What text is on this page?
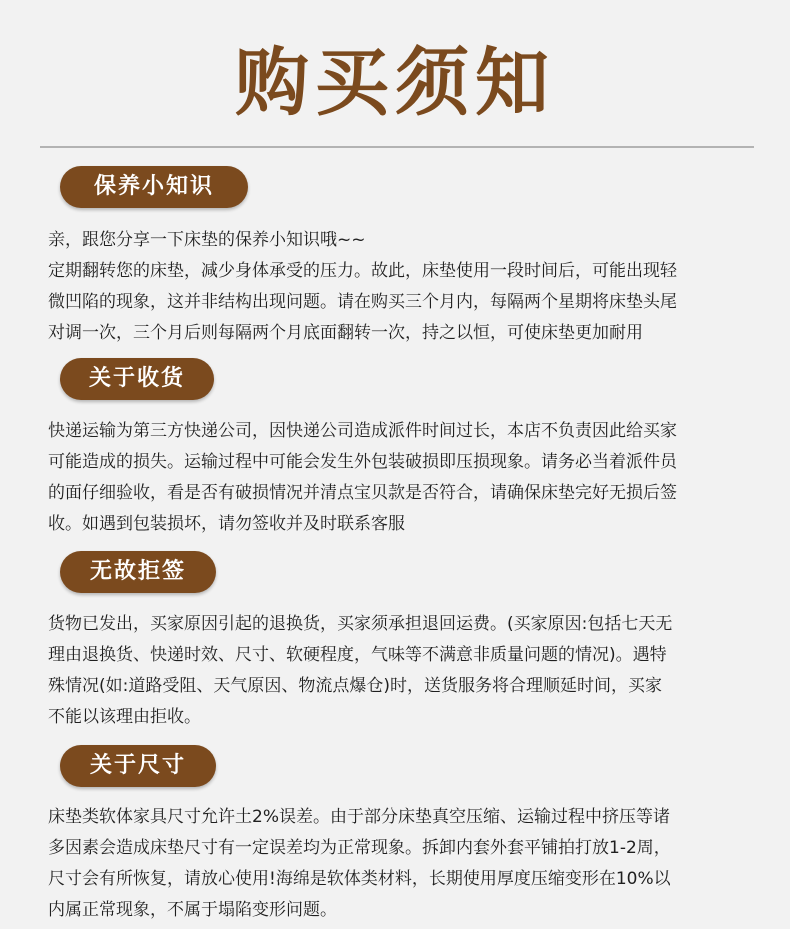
购买须知
保养小知识

亲，跟您分享一下床垫的保养小知识哦~~

定期翻转您的床垫，减少身体承受的压力。故此，床垫使用一段时间后，可能出现轻

微凹陷的现象，这并非结构出现问题。请在购买三个月内，每隔两个星期将床垫头尾

对调一次，三个月后则每隔两个月底面翻转一次，持之以恒，可使床垫更加耐用

关于收货

快递运输为第三方快递公司，因快递公司造成派件时间过长，本店不负责因此给买家

可能造成的损失。运输过程中可能会发生外包装破损即压损现象。请务必当着派件员

的面仔细验收，看是否有破损情况并清点宝贝款是否符合，请确保床垫完好无损后签

收。如遇到包装损坏，请勿签收并及时联系客服

无故拒签

货物已发出，买家原因引起的退换货，买家须承担退回运费。(买家原因:包括七天无

理由退换货、快递时效、尺寸、软硬程度，气味等不满意非质量问题的情况)。遇特

殊情况(如:道路受阻、天气原因、物流点爆仓)时，送货服务将合理顺延时间，买家

不能以该理由拒收。

关于尺寸

床垫类软体家具尺寸允许土2%误差。由于部分床垫真空压缩、运输过程中挤压等诸

多因素会造成床垫尺寸有一定误差均为正常现象。拆卸内套外套平铺拍打放1-2周，

尺寸会有所恢复，请放心使用!海绵是软体类材料，长期使用厚度压缩变形在10%以

内属正常现象，不属于塌陷变形问题。
